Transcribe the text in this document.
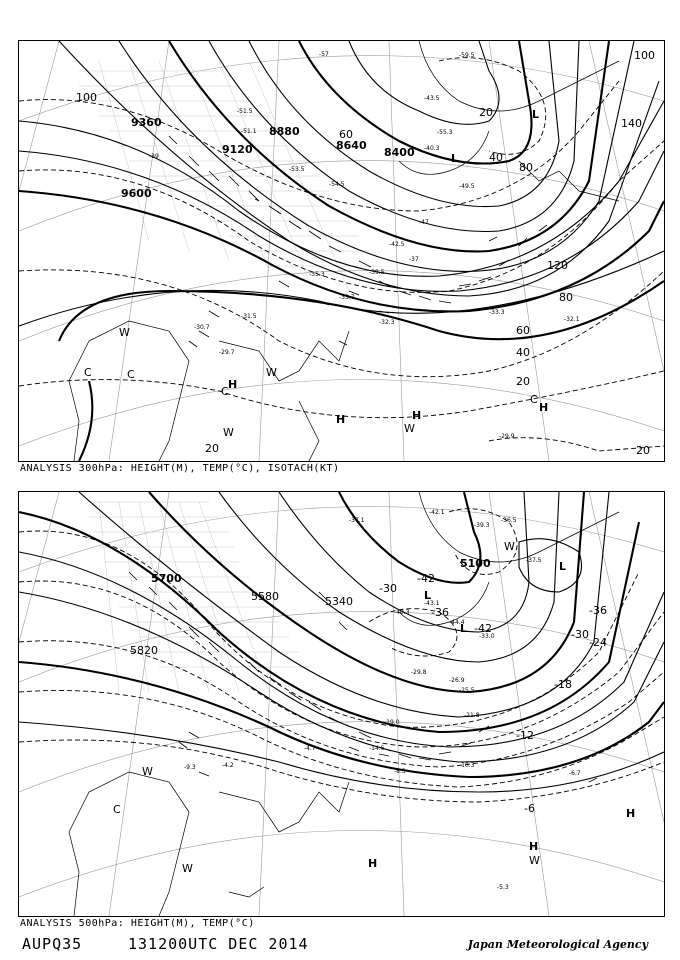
9360
9120
9600
8880
8640
8400
100
100
140
120
80
60
40
20
20	20
60
80
40
20
-57
-55.3
-59.5
-51.5
-53.5
-54.5	-49.5
-47
-42.5
-39.5
-37
-35.3
-33.7
-32.3
-31.5
-30.7
-29.7
-29.9
-32.1
-33.3
-51.1
-43.5
-40.3
-39
L
L
W
C	C
C
H
W
H	H
W
W
C
H
ANALYSIS 300hPa: HEIGHT(M), TEMP(°C), ISOTACH(KT)
5700
5820
5580	5340
5100
-42
-36
-30
-24
-18
-12
-6
-30
-36
-42
-42.1
-39.3
-36.5
-37.5
-37.1
-40.3
-43.1
-44.4
-33.0
-29.8
-26.9
-25.5
-21.8
-19.0
-14.5
-10.3
-8.3	-6.7
-4.7
-4.2
-5.3
-9.3
L
L
L
W
W
C
W	H
H
W
H
ANALYSIS 500hPa: HEIGHT(M), TEMP(°C)
AUPQ35	131200UTC DEC 2014	Japan Meteorological Agency
